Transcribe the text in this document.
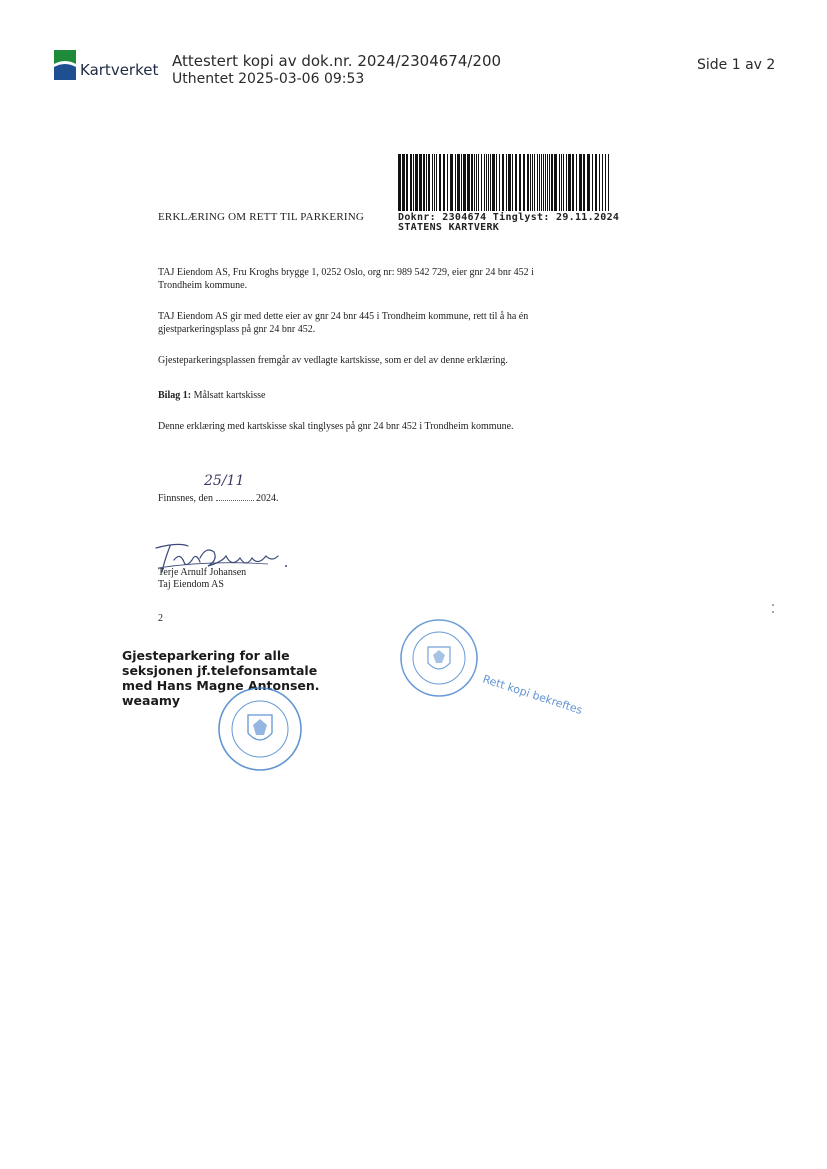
Kartverket Attestert kopi av dok.nr. 2024/2304674/200
Uthentet 2025-03-06 09:53
Side 1 av 2
Doknr: 2304674 Tinglyst: 29.11.2024
STATENS KARTVERK
ERKLÆRING OM RETT TIL PARKERING
TAJ Eiendom AS, Fru Kroghs brygge 1, 0252 Oslo, org nr: 989 542 729, eier gnr 24 bnr 452 i Trondheim kommune.
TAJ Eiendom AS gir med dette eier av gnr 24 bnr 445 i Trondheim kommune, rett til å ha én gjestparkeringsplass på gnr 24 bnr 452.
Gjesteparkeringsplassen fremgår av vedlagte kartskisse, som er del av denne erklæring.
Bilag 1: Målsatt kartskisse
Denne erklæring med kartskisse skal tinglyses på gnr 24 bnr 452 i Trondheim kommune.
Finnsnes, den	2024.
25/11
Terje Arnulf Johansen
Taj Eiendom AS
2
Gjesteparkering for alle
seksjonen jf.telefonsamtale
med Hans Magne Antonsen.
weaamy	Rett kopi bekreftes
